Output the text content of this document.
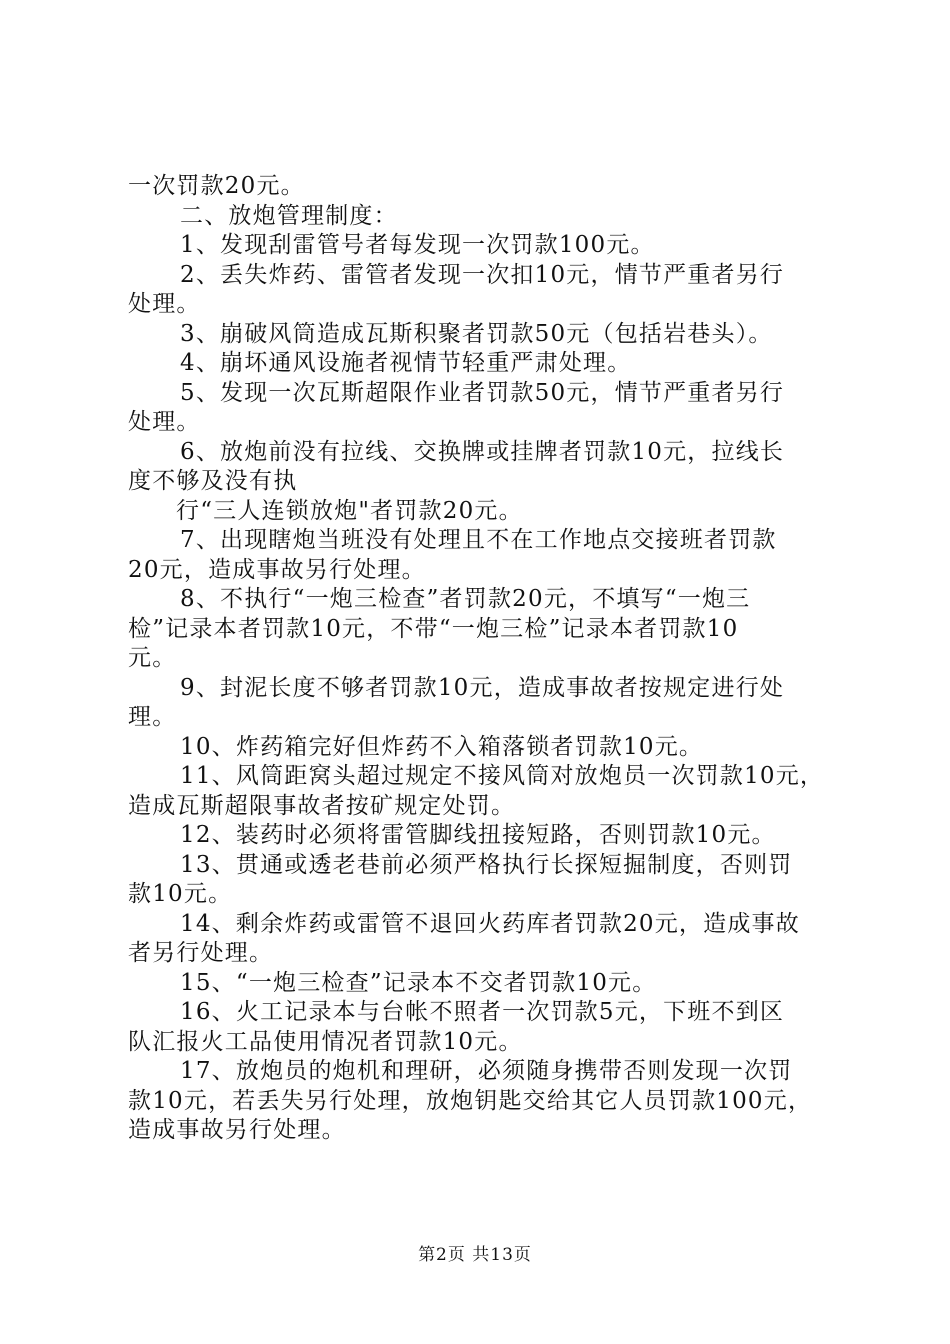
一次罚款20元。
二、放炮管理制度：
1、发现刮雷管号者每发现一次罚款100元。
2、丢失炸药、雷管者发现一次扣10元，情节严重者另行
处理。
3、崩破风筒造成瓦斯积聚者罚款50元（包括岩巷头）。
4、崩坏通风设施者视情节轻重严肃处理。
5、发现一次瓦斯超限作业者罚款50元，情节严重者另行
处理。
6、放炮前没有拉线、交换牌或挂牌者罚款10元，拉线长
度不够及没有执
行“三人连锁放炮"者罚款20元。
7、出现瞎炮当班没有处理且不在工作地点交接班者罚款
20元，造成事故另行处理。
8、不执行“一炮三检查”者罚款20元，不填写“一炮三
检”记录本者罚款10元，不带“一炮三检”记录本者罚款10
元。
9、封泥长度不够者罚款10元，造成事故者按规定进行处
理。
10、炸药箱完好但炸药不入箱落锁者罚款10元。
11、风筒距窝头超过规定不接风筒对放炮员一次罚款10元，
造成瓦斯超限事故者按矿规定处罚。
12、装药时必须将雷管脚线扭接短路，否则罚款10元。
13、贯通或透老巷前必须严格执行长探短掘制度，否则罚
款10元。
14、剩余炸药或雷管不退回火药库者罚款20元，造成事故
者另行处理。
15、“一炮三检查”记录本不交者罚款10元。
16、火工记录本与台帐不照者一次罚款5元，下班不到区
队汇报火工品使用情况者罚款10元。
17、放炮员的炮机和理研，必须随身携带否则发现一次罚
款10元，若丢失另行处理，放炮钥匙交给其它人员罚款100元，
造成事故另行处理。
第2页 共13页
